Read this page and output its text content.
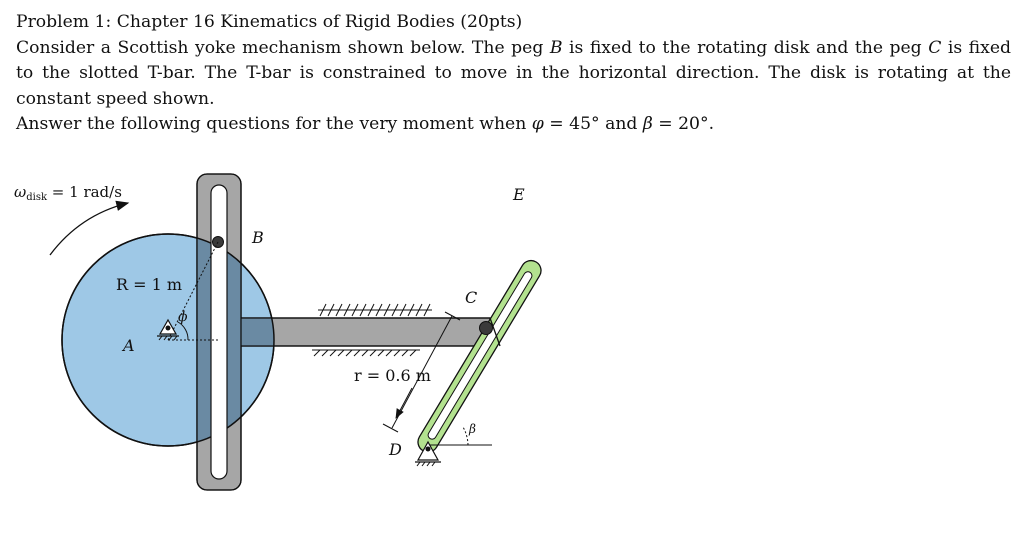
Problem 1: Chapter 16 Kinematics of Rigid Bodies (20pts)

Consider a Scottish yoke mechanism shown below. The peg B is fixed to the rotating disk and the peg C is fixed to the slotted T-bar. The T-bar is constrained to move in the horizontal direction. The disk is rotating at the constant speed shown.

Answer the following questions for the very moment when φ = 45° and β = 20°.

$\omega_{disk} = 1$ rad/s
R = 1 m
A
ϕ
B
C
E
D
β
r = 0.6 m
